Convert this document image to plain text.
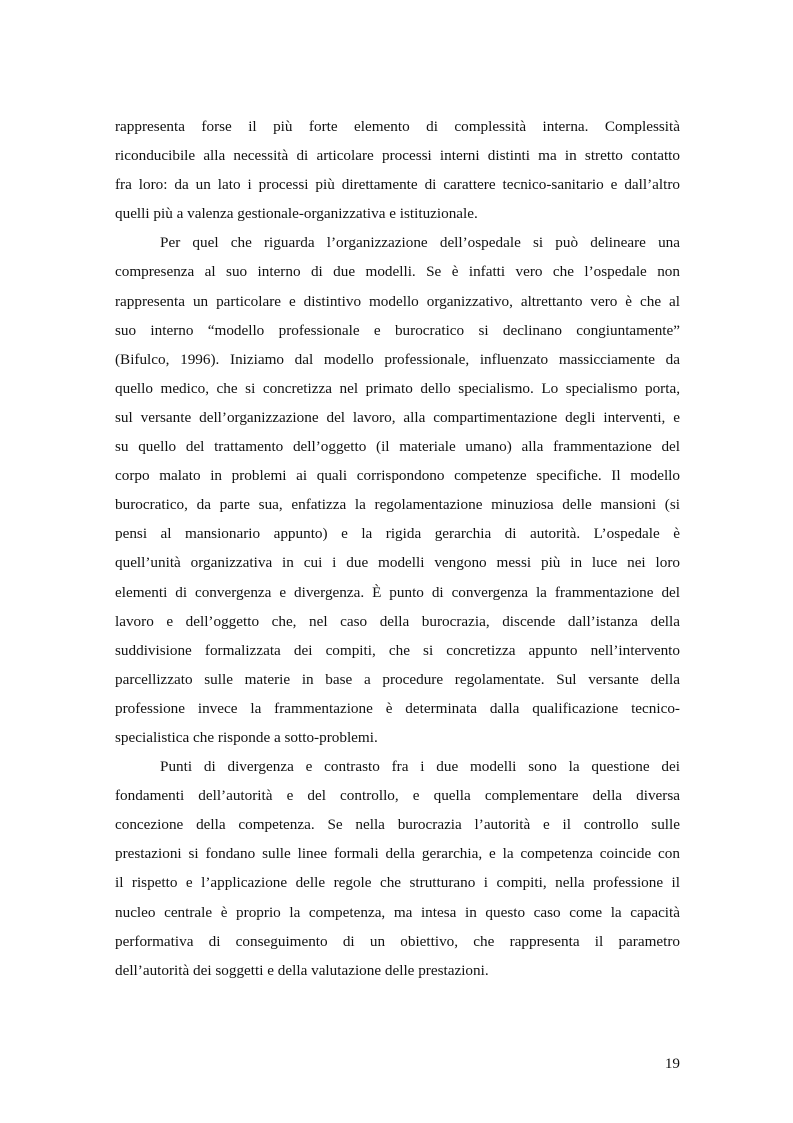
rappresenta forse il più forte elemento di complessità interna. Complessità
riconducibile alla necessità di articolare processi interni distinti ma in stretto contatto
fra loro: da un lato i processi più direttamente di carattere tecnico-sanitario e dall’altro
quelli più a valenza gestionale-organizzativa e istituzionale.
Per quel che riguarda l’organizzazione dell’ospedale si può delineare una
compresenza al suo interno di due modelli. Se è infatti vero che l’ospedale non
rappresenta un particolare e distintivo modello organizzativo, altrettanto vero è che al
suo interno “modello professionale e burocratico si declinano congiuntamente”
(Bifulco, 1996). Iniziamo dal modello professionale, influenzato massicciamente da
quello medico, che si concretizza nel primato dello specialismo. Lo specialismo porta,
sul versante dell’organizzazione del lavoro, alla compartimentazione degli interventi, e
su quello del trattamento dell’oggetto (il materiale umano) alla frammentazione del
corpo malato in problemi ai quali corrispondono competenze specifiche. Il modello
burocratico, da parte sua, enfatizza la regolamentazione minuziosa delle mansioni (si
pensi al mansionario appunto) e la rigida gerarchia di autorità. L’ospedale è
quell’unità organizzativa in cui i due modelli vengono messi più in luce nei loro
elementi di convergenza e divergenza. È punto di convergenza la frammentazione del
lavoro e dell’oggetto che, nel caso della burocrazia, discende dall’istanza della
suddivisione formalizzata dei compiti, che si concretizza appunto nell’intervento
parcellizzato sulle materie in base a procedure regolamentate. Sul versante della
professione invece la frammentazione è determinata dalla qualificazione tecnico-
specialistica che risponde a sotto-problemi.
Punti di divergenza e contrasto fra i due modelli sono la questione dei
fondamenti dell’autorità e del controllo, e quella complementare della diversa
concezione della competenza. Se nella burocrazia l’autorità e il controllo sulle
prestazioni si fondano sulle linee formali della gerarchia, e la competenza coincide con
il rispetto e l’applicazione delle regole che strutturano i compiti, nella professione il
nucleo centrale è proprio la competenza, ma intesa in questo caso come la capacità
performativa di conseguimento di un obiettivo, che rappresenta il parametro
dell’autorità dei soggetti e della valutazione delle prestazioni.
19
